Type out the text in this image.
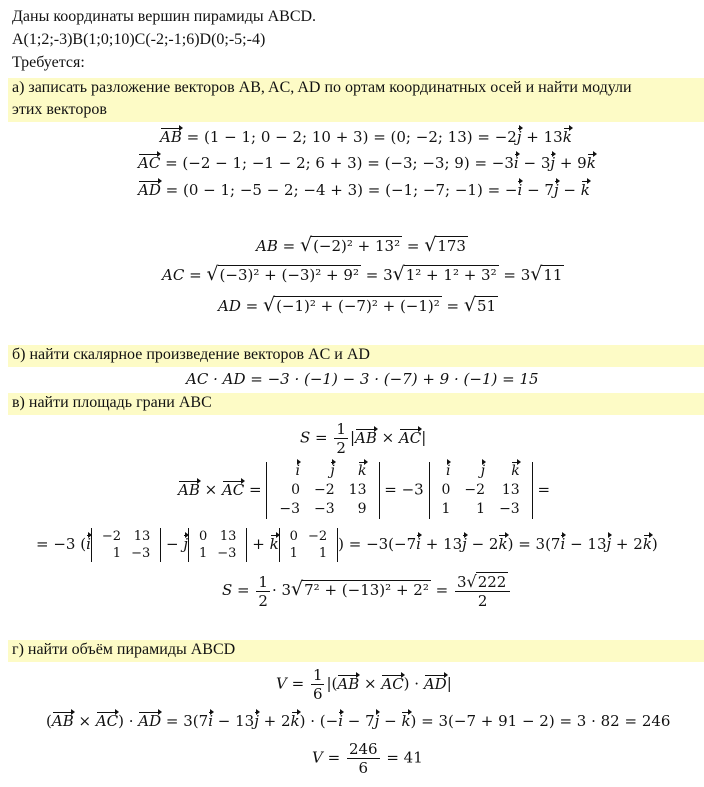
Даны координаты вершин пирамиды ABCD.
A(1;2;-3)B(1;0;10)C(-2;-1;6)D(0;-5;-4)
Требуется:
а) записать разложение векторов AB, AC, AD по ортам координатных осей и найти модули
этих векторов
AB = (1 − 1; 0 − 2; 10 + 3) = (0; −2; 13) = −2j + 13k
AC = (−2 − 1; −1 − 2; 6 + 3) = (−3; −3; 9) = −3i − 3j + 9k
AD = (0 − 1; −5 − 2; −4 + 3) = (−1; −7; −1) = −i − 7j − k
AB = √(−2)² + 13² = √173
AC = √(−3)² + (−3)² + 9² = 3√1² + 1² + 3² = 3√11
AD = √(−1)² + (−7)² + (−1)² = √51
б) найти скалярное произведение векторов AC и AD
AC · AD = −3 · (−1) − 3 · (−7) + 9 · (−1) = 15
в) найти площадь грани ABC
$S = \frac{1}{2} |AB \times AC|$
AB × AC =
i	j	k
0	−2	13
−3	−3	9
= −3
i	j	k
0	−2	13
1	1	−3
=
= −3 (i −2	13
1	−3
− j 0	13
1	−3
+ k 0	−2
1	1
) = −3(−7i + 13j − 2k) = 3(7i − 13j + 2k)
$S = \frac{1}{2} \cdot 3√7^2 + (-13)^2 + 2^2 = \frac{3√222}{2}$
г) найти объём пирамиды ABCD
$V = \frac{1}{6} |(AB \times AC) \cdot AD|$
(AB × AC) · AD = 3(7i − 13j + 2k) · (−i − 7j − k) = 3(−7 + 91 − 2) = 3 · 82 = 246
$V = \frac{246}{6} = 41$
